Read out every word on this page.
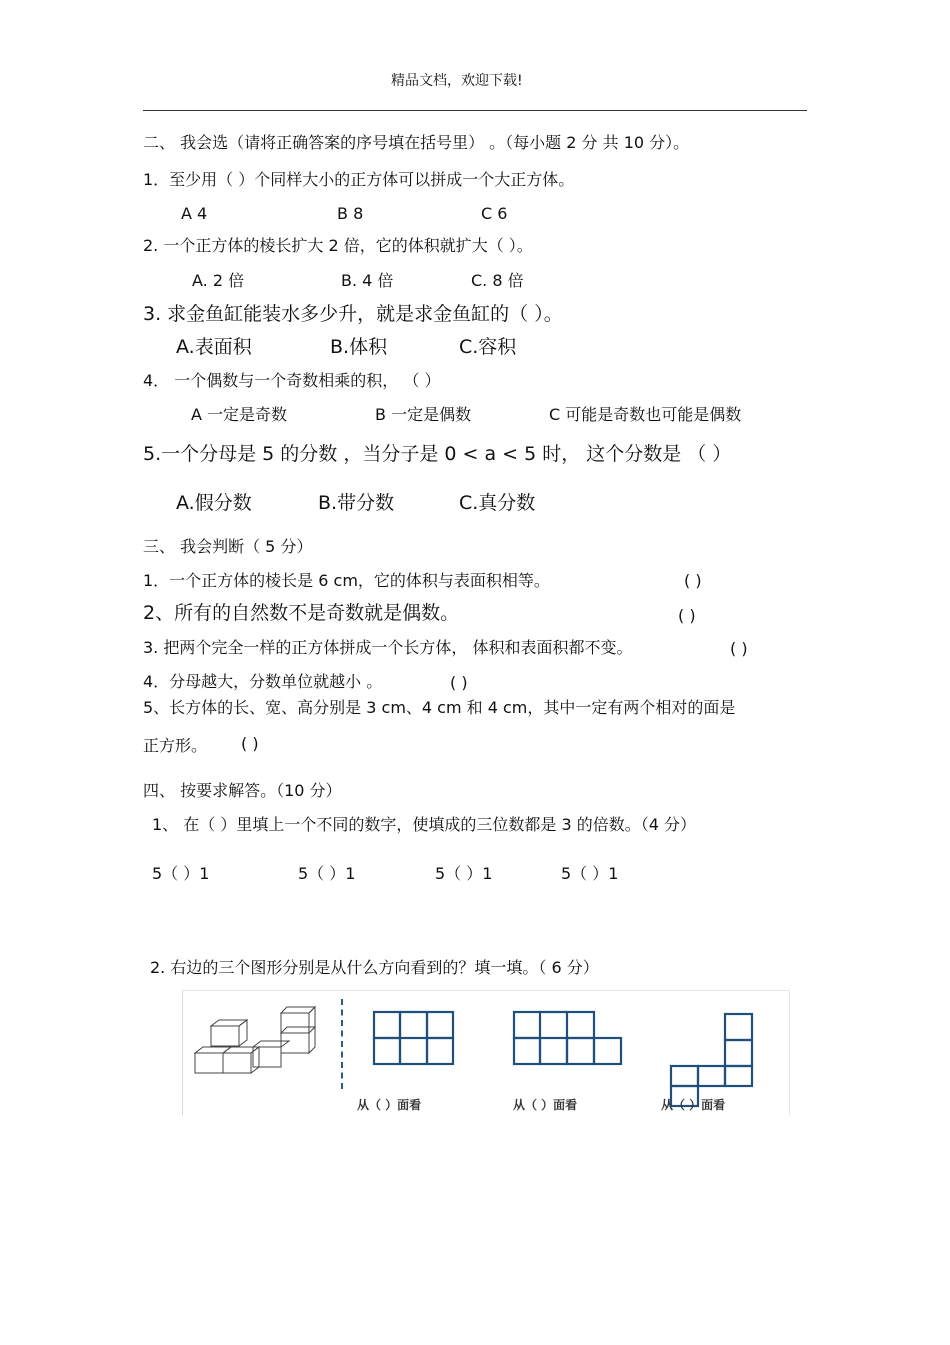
精品文档，欢迎下载!
二、 我会选（请将正确答案的序号填在括号里） 。（每小题 2 分 共 10 分）。
1．至少用（ ）个同样大小的正方体可以拼成一个大正方体。
A 4	B 8	C 6
2. 一个正方体的棱长扩大 2 倍，它的体积就扩大（ ）。
A. 2 倍	B. 4 倍	C. 8 倍
3. 求金鱼缸能装水多少升，就是求金鱼缸的（ ）。
A.表面积	B.体积	C.容积
4． 一个偶数与一个奇数相乘的积， （ ）
A 一定是奇数	B 一定是偶数	C 可能是奇数也可能是偶数
5.一个分母是 5 的分数 ，当分子是 0 < a < 5 时， 这个分数是 （ ）
A.假分数	B.带分数	C.真分数
三、 我会判断（ 5 分）
1．一个正方体的棱长是 6 cm，它的体积与表面积相等。	( )
2、所有的自然数不是奇数就是偶数。	( )
3. 把两个完全一样的正方体拼成一个长方体， 体积和表面积都不变。	( )
4．分母越大，分数单位就越小 。	( )
5、长方体的长、宽、高分别是 3 cm、4 cm 和 4 cm，其中一定有两个相对的面是
正方形。 ( )
四、 按要求解答。（10 分）
1、 在（ ）里填上一个不同的数字，使填成的三位数都是 3 的倍数。（4 分）
5（ ）1	5（ ）1	5（ ）1	5（ ）1
2. 右边的三个图形分别是从什么方向看到的？填一填。（ 6 分）
从（ ）面看	从（ ）面看	从（ ）面看
